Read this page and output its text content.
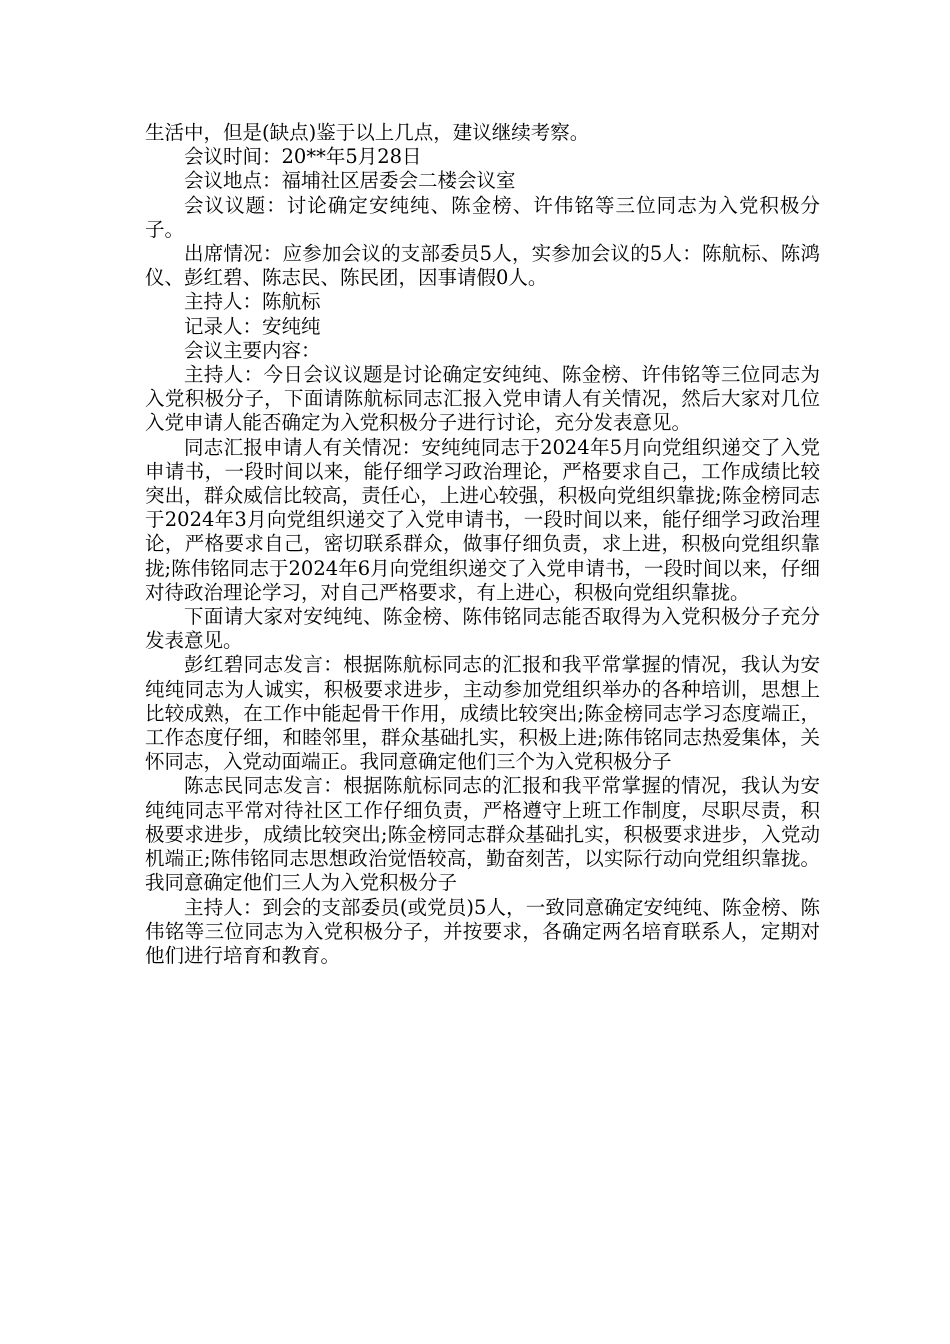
生活中，但是(缺点)鉴于以上几点，建议继续考察。

会议时间：20**年5月28日

会议地点：福埔社区居委会二楼会议室

会议议题：讨论确定安纯纯、陈金榜、许伟铭等三位同志为入党积极分子。

出席情况：应参加会议的支部委员5人，实参加会议的5人：陈航标、陈鸿仪、彭红碧、陈志民、陈民团，因事请假0人。

主持人：陈航标

记录人：安纯纯

会议主要内容：

主持人：今日会议议题是讨论确定安纯纯、陈金榜、许伟铭等三位同志为入党积极分子，下面请陈航标同志汇报入党申请人有关情况，然后大家对几位入党申请人能否确定为入党积极分子进行讨论，充分发表意见。

同志汇报申请人有关情况：安纯纯同志于2024年5月向党组织递交了入党申请书，一段时间以来，能仔细学习政治理论，严格要求自己，工作成绩比较突出，群众威信比较高，责任心，上进心较强，积极向党组织靠拢;陈金榜同志于2024年3月向党组织递交了入党申请书，一段时间以来，能仔细学习政治理论，严格要求自己，密切联系群众，做事仔细负责，求上进，积极向党组织靠拢;陈伟铭同志于2024年6月向党组织递交了入党申请书，一段时间以来，仔细对待政治理论学习，对自己严格要求，有上进心，积极向党组织靠拢。

下面请大家对安纯纯、陈金榜、陈伟铭同志能否取得为入党积极分子充分发表意见。

彭红碧同志发言：根据陈航标同志的汇报和我平常掌握的情况，我认为安纯纯同志为人诚实，积极要求进步，主动参加党组织举办的各种培训，思想上比较成熟，在工作中能起骨干作用，成绩比较突出;陈金榜同志学习态度端正，工作态度仔细，和睦邻里，群众基础扎实，积极上进;陈伟铭同志热爱集体，关怀同志，入党动面端正。我同意确定他们三个为入党积极分子

陈志民同志发言：根据陈航标同志的汇报和我平常掌握的情况，我认为安纯纯同志平常对待社区工作仔细负责，严格遵守上班工作制度，尽职尽责，积极要求进步，成绩比较突出;陈金榜同志群众基础扎实，积极要求进步，入党动机端正;陈伟铭同志思想政治觉悟较高，勤奋刻苦，以实际行动向党组织靠拢。我同意确定他们三人为入党积极分子

主持人：到会的支部委员(或党员)5人，一致同意确定安纯纯、陈金榜、陈伟铭等三位同志为入党积极分子，并按要求，各确定两名培育联系人，定期对他们进行培育和教育。
